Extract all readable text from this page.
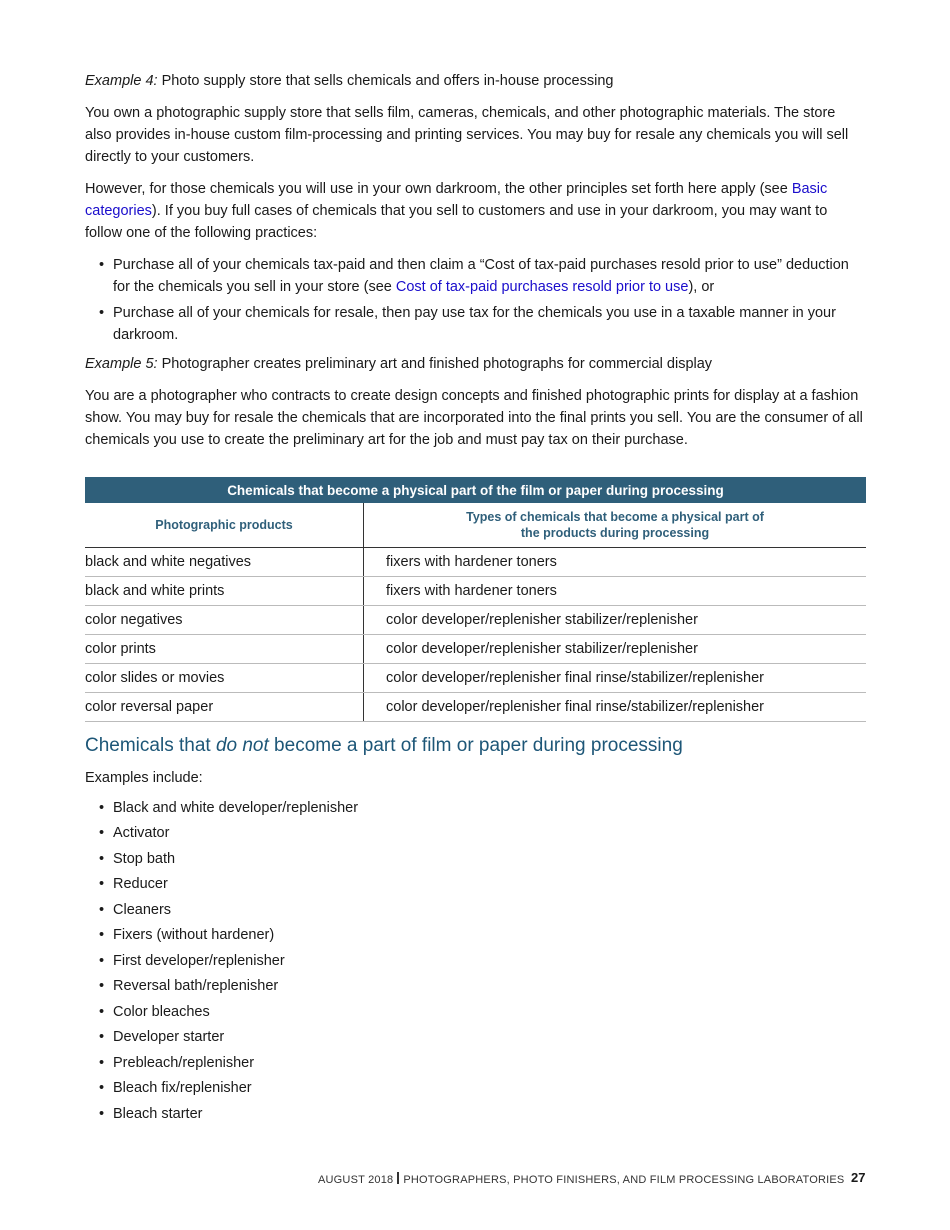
Example 4: Photo supply store that sells chemicals and offers in-house processing

You own a photographic supply store that sells film, cameras, chemicals, and other photographic materials. The store also provides in-house custom film-processing and printing services. You may buy for resale any chemicals you will sell directly to your customers.

However, for those chemicals you will use in your own darkroom, the other principles set forth here apply (see Basic categories). If you buy full cases of chemicals that you sell to customers and use in your darkroom, you may want to follow one of the following practices:

• Purchase all of your chemicals tax-paid and then claim a “Cost of tax-paid purchases resold prior to use” deduction for the chemicals you sell in your store (see Cost of tax-paid purchases resold prior to use), or
• Purchase all of your chemicals for resale, then pay use tax for the chemicals you use in a taxable manner in your darkroom.

Example 5: Photographer creates preliminary art and finished photographs for commercial display

You are a photographer who contracts to create design concepts and finished photographic prints for display at a fashion show. You may buy for resale the chemicals that are incorporated into the final prints you sell. You are the consumer of all chemicals you use to create the preliminary art for the job and must pay tax on their purchase.

Chemicals that become a physical part of the film or paper during processing	
Photographic products	Types of chemicals that become a physical part of the products during processing
black and white negatives	fixers with hardener toners
black and white prints	fixers with hardener toners
color negatives	color developer/replenisher stabilizer/replenisher
color prints	color developer/replenisher stabilizer/replenisher
color slides or movies	color developer/replenisher final rinse/stabilizer/replenisher
color reversal paper	color developer/replenisher final rinse/stabilizer/replenisher
Chemicals that do not become a part of film or paper during processing

Examples include:

• Black and white developer/replenisher
• Activator
• Stop bath
• Reducer
• Cleaners
• Fixers (without hardener)
• First developer/replenisher
• Reversal bath/replenisher
• Color bleaches
• Developer starter
• Prebleach/replenisher
• Bleach fix/replenisher
• Bleach starter
AUGUST 2018 PHOTOGRAPHERS, PHOTO FINISHERS, AND FILM PROCESSING LABORATORIES 27
